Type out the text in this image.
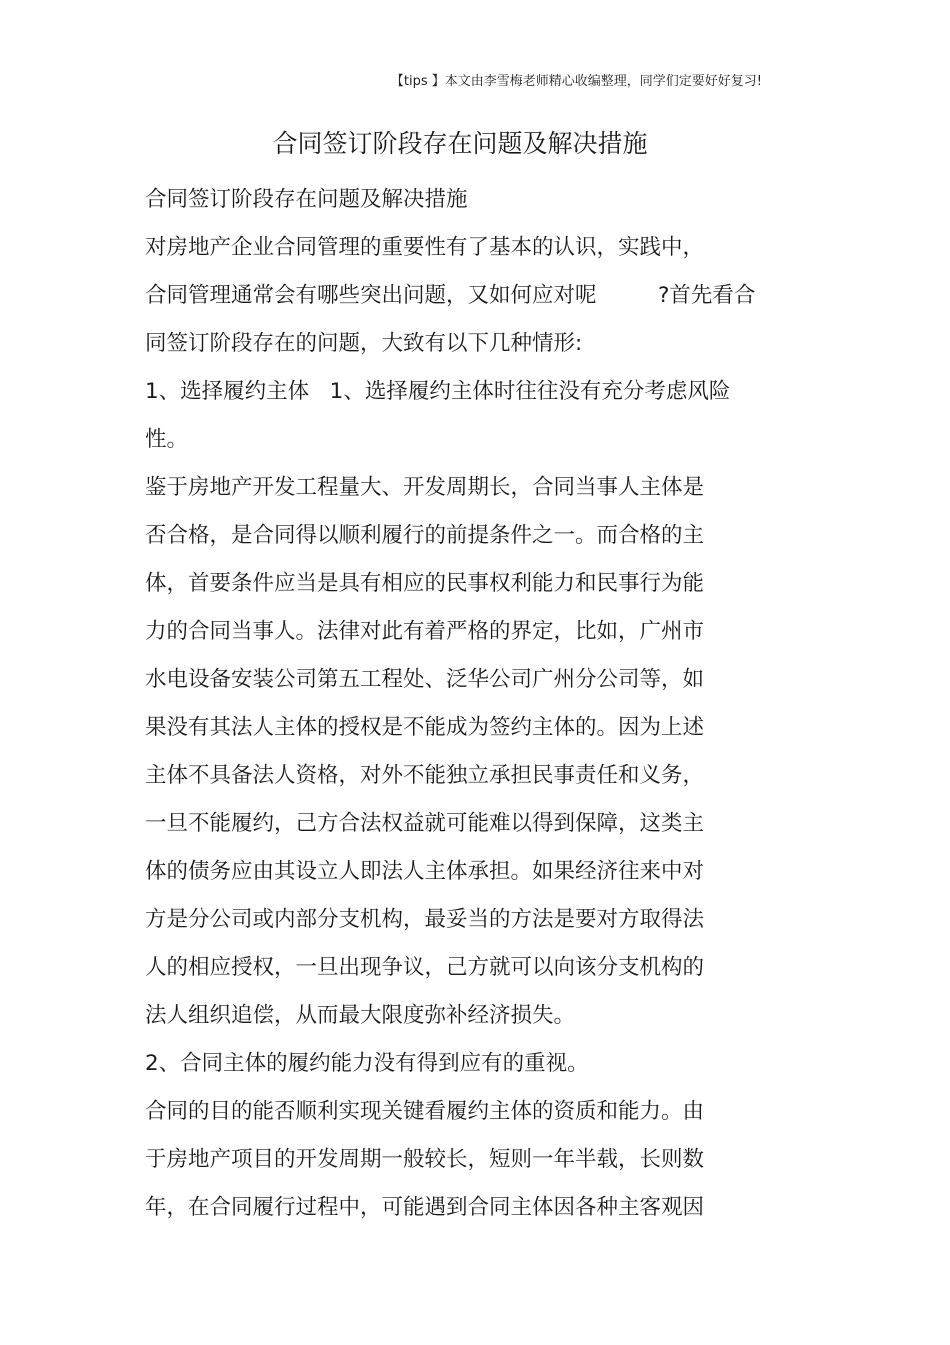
【tips 】本文由李雪梅老师精心收编整理，同学们定要好好复习!
合同签订阶段存在问题及解决措施
合同签订阶段存在问题及解决措施
对房地产企业合同管理的重要性有了基本的认识，实践中，
合同管理通常会有哪些突出问题，又如何应对呢         ?首先看合
同签订阶段存在的问题，大致有以下几种情形:
1、选择履约主体   1、选择履约主体时往往没有充分考虑风险
性。
鉴于房地产开发工程量大、开发周期长，合同当事人主体是
否合格，是合同得以顺利履行的前提条件之一。而合格的主
体，首要条件应当是具有相应的民事权利能力和民事行为能
力的合同当事人。法律对此有着严格的界定，比如，广州市
水电设备安装公司第五工程处、泛华公司广州分公司等，如
果没有其法人主体的授权是不能成为签约主体的。因为上述
主体不具备法人资格，对外不能独立承担民事责任和义务，
一旦不能履约，己方合法权益就可能难以得到保障，这类主
体的债务应由其设立人即法人主体承担。如果经济往来中对
方是分公司或内部分支机构，最妥当的方法是要对方取得法
人的相应授权，一旦出现争议，己方就可以向该分支机构的
法人组织追偿，从而最大限度弥补经济损失。
2、合同主体的履约能力没有得到应有的重视。
合同的目的能否顺利实现关键看履约主体的资质和能力。由
于房地产项目的开发周期一般较长，短则一年半载，长则数
年，在合同履行过程中，可能遇到合同主体因各种主客观因
